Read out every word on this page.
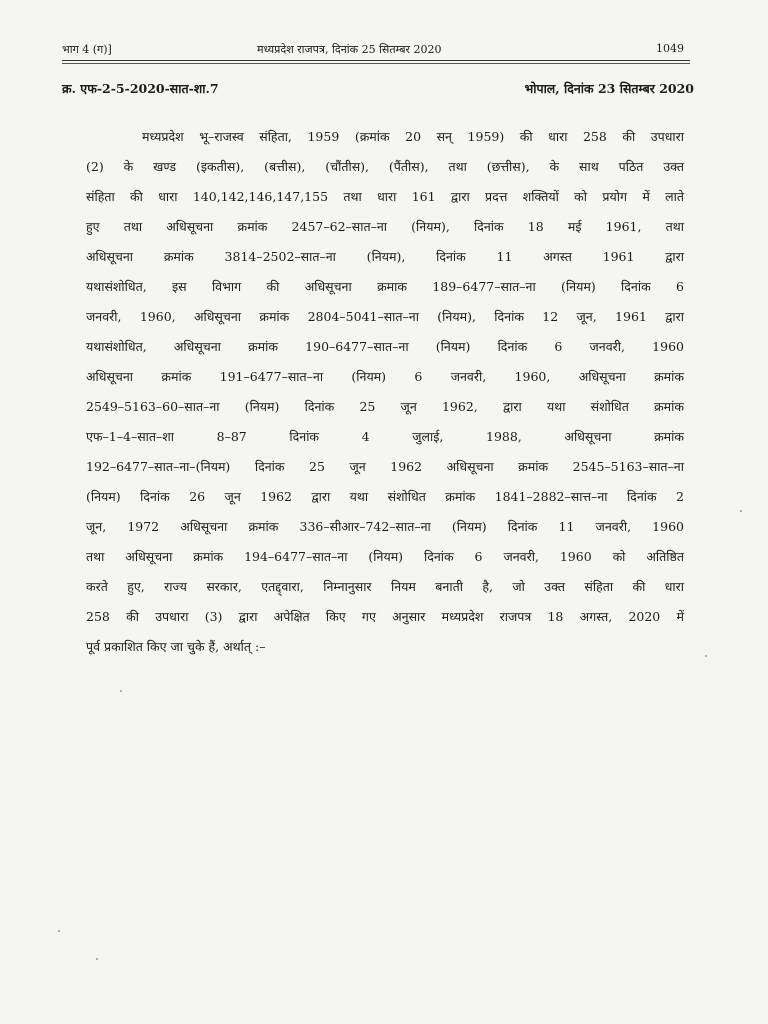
भाग 4 (ग)]	मध्यप्रदेश राजपत्र, दिनांक 25 सितम्बर 2020	1049
क्र. एफ-2-5-2020-सात-शा.7	भोपाल, दिनांक 23 सितम्बर 2020
मध्यप्रदेश भू–राजस्व संहिता, 1959 (क्रमांक 20 सन् 1959) की धारा 258 की उपधारा
(2) के खण्ड (इकतीस), (बत्तीस), (चौंतीस), (पैंतीस), तथा (छत्तीस), के साथ पठित उक्त
संहिता की धारा 140,142,146,147,155 तथा धारा 161 द्वारा प्रदत्त शक्तियों को प्रयोग में लाते
हुए तथा अधिसूचना क्रमांक 2457–62–सात–ना (नियम), दिनांक 18 मई 1961, तथा
अधिसूचना क्रमांक 3814–2502–सात–ना (नियम), दिनांक 11 अगस्त 1961 द्वारा
यथासंशोधित, इस विभाग की अधिसूचना क्रमाक 189–6477–सात–ना (नियम) दिनांक 6
जनवरी, 1960, अधिसूचना क्रमांक 2804–5041–सात–ना (नियम), दिनांक 12 जून, 1961 द्वारा
यथासंशोधित, अधिसूचना क्रमांक 190–6477–सात–ना (नियम) दिनांक 6 जनवरी, 1960
अधिसूचना क्रमांक 191–6477–सात–ना (नियम) 6 जनवरी, 1960, अधिसूचना क्रमांक
2549–5163–60–सात–ना (नियम) दिनांक 25 जून 1962, द्वारा यथा संशोधित क्रमांक
एफ–1–4–सात–शा 8–87 दिनांक 4 जुलाई, 1988, अधिसूचना क्रमांक
192–6477–सात–ना–(नियम) दिनांक 25 जून 1962 अधिसूचना क्रमांक 2545–5163–सात–ना
(नियम) दिनांक 26 जून 1962 द्वारा यथा संशोधित क्रमांक 1841–2882–सात्त–ना दिनांक 2
जून, 1972 अधिसूचना क्रमांक 336–सीआर–742–सात–ना (नियम) दिनांक 11 जनवरी, 1960
तथा अधिसूचना क्रमांक 194–6477–सात–ना (नियम) दिनांक 6 जनवरी, 1960 को अतिष्ठित
करते हुए, राज्य सरकार, एतद्द्वारा, निम्नानुसार नियम बनाती है, जो उक्त संहिता की धारा
258 की उपधारा (3) द्वारा अपेक्षित किए गए अनुसार मध्यप्रदेश राजपत्र 18 अगस्त, 2020 में
पूर्व प्रकाशित किए जा चुके हैं, अर्थात् :–
